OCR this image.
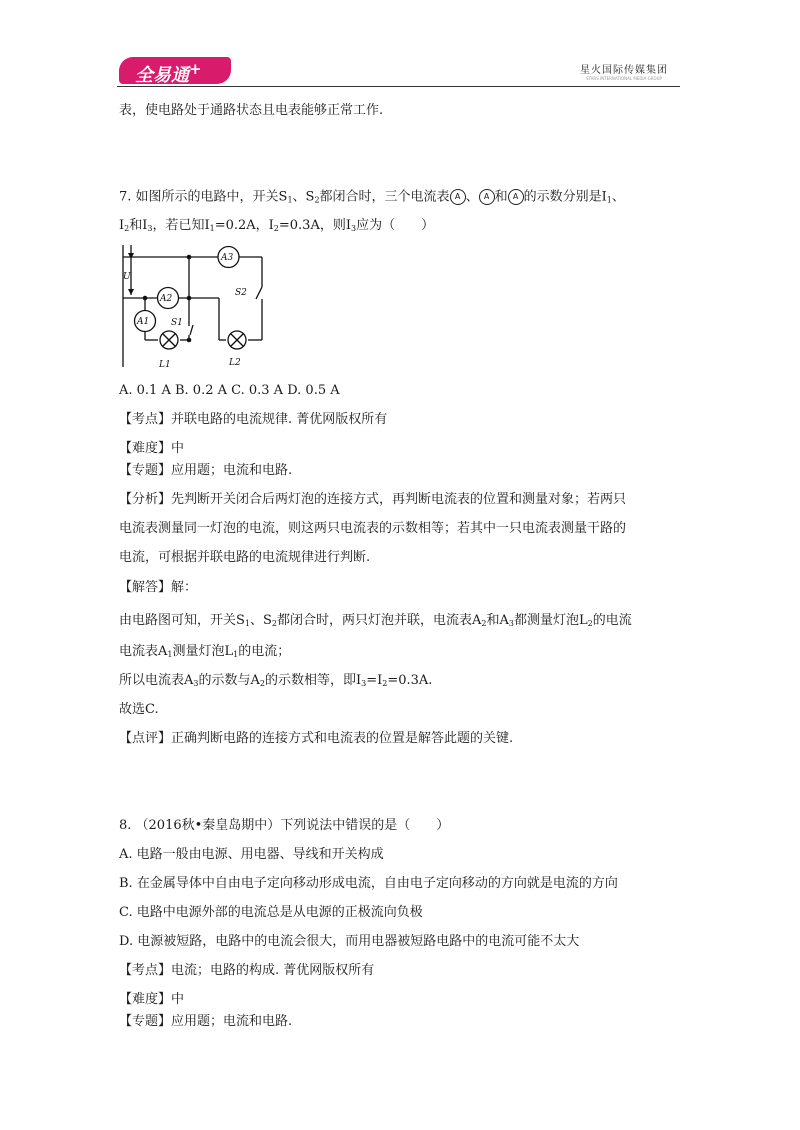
全易通+	星火国际传媒集团
STARS INTERNATIONAL MEDIA GROUP

表，使电路处于通路状态且电表能够正常工作.

7. 如图所示的电路中，开关$S_1$、$S_2$都闭合时，三个电流表 A 、 A 和 A 的示数分别是$I_1$、

$I_2$和$I_3$，若已知$I_1=0.2A$，$I_2=0.3A$，则$I_3$应为（　　）

U
A3
A2
A1 S1
S2
L1	L2

A. 0.1 A B. 0.2 A C. 0.3 A D. 0.5 A

【考点】并联电路的电流规律. 菁优网版权所有

【难度】中

【专题】应用题；电流和电路.

【分析】先判断开关闭合后两灯泡的连接方式，再判断电流表的位置和测量对象；若两只

电流表测量同一灯泡的电流，则这两只电流表的示数相等；若其中一只电流表测量干路的

电流，可根据并联电路的电流规律进行判断.

【解答】解：

由电路图可知，开关$S_1$、$S_2$都闭合时，两只灯泡并联，电流表$A_2$和$A_3$都测量灯泡$L_2$的电流

电流表$A_1$测量灯泡$L_1$的电流；

所以电流表$A_3$的示数与$A_2$的示数相等，即$I_3=I_2=0.3A$.

故选C.

【点评】正确判断电路的连接方式和电流表的位置是解答此题的关键.

8. （2016秋•秦皇岛期中）下列说法中错误的是（　　）

A. 电路一般由电源、用电器、导线和开关构成

B. 在金属导体中自由电子定向移动形成电流，自由电子定向移动的方向就是电流的方向

C. 电路中电源外部的电流总是从电源的正极流向负极

D. 电源被短路，电路中的电流会很大，而用电器被短路电路中的电流可能不太大

【考点】电流；电路的构成. 菁优网版权所有

【难度】中

【专题】应用题；电流和电路.
